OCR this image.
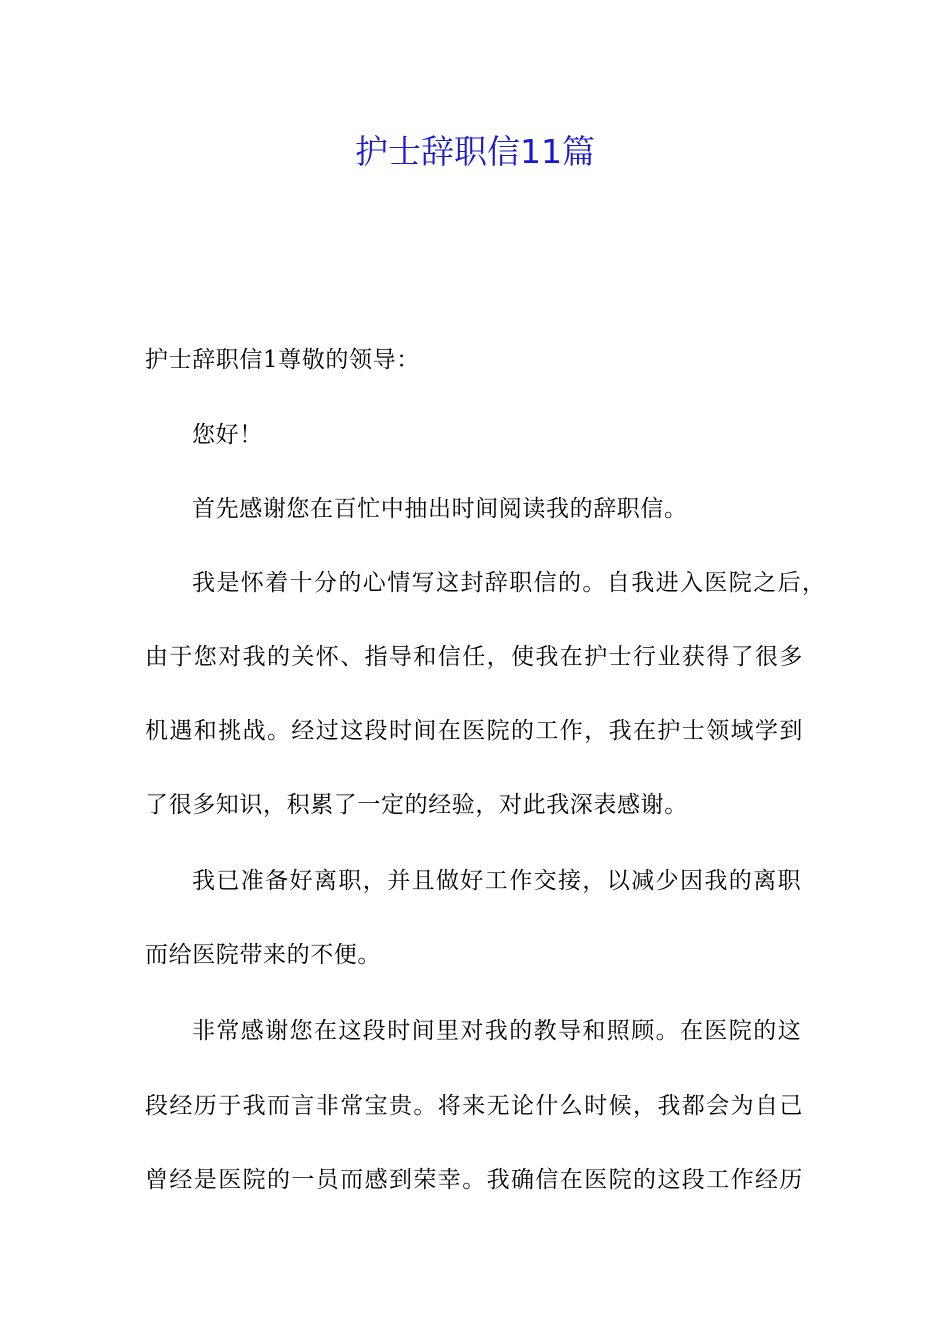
护士辞职信11篇

护士辞职信1尊敬的领导：

您好！

首先感谢您在百忙中抽出时间阅读我的辞职信。

我是怀着十分的心情写这封辞职信的。自我进入医院之后，

由于您对我的关怀、指导和信任，使我在护士行业获得了很多

机遇和挑战。经过这段时间在医院的工作，我在护士领域学到

了很多知识，积累了一定的经验，对此我深表感谢。

我已准备好离职，并且做好工作交接，以减少因我的离职

而给医院带来的不便。

非常感谢您在这段时间里对我的教导和照顾。在医院的这

段经历于我而言非常宝贵。将来无论什么时候，我都会为自己

曾经是医院的一员而感到荣幸。我确信在医院的这段工作经历
